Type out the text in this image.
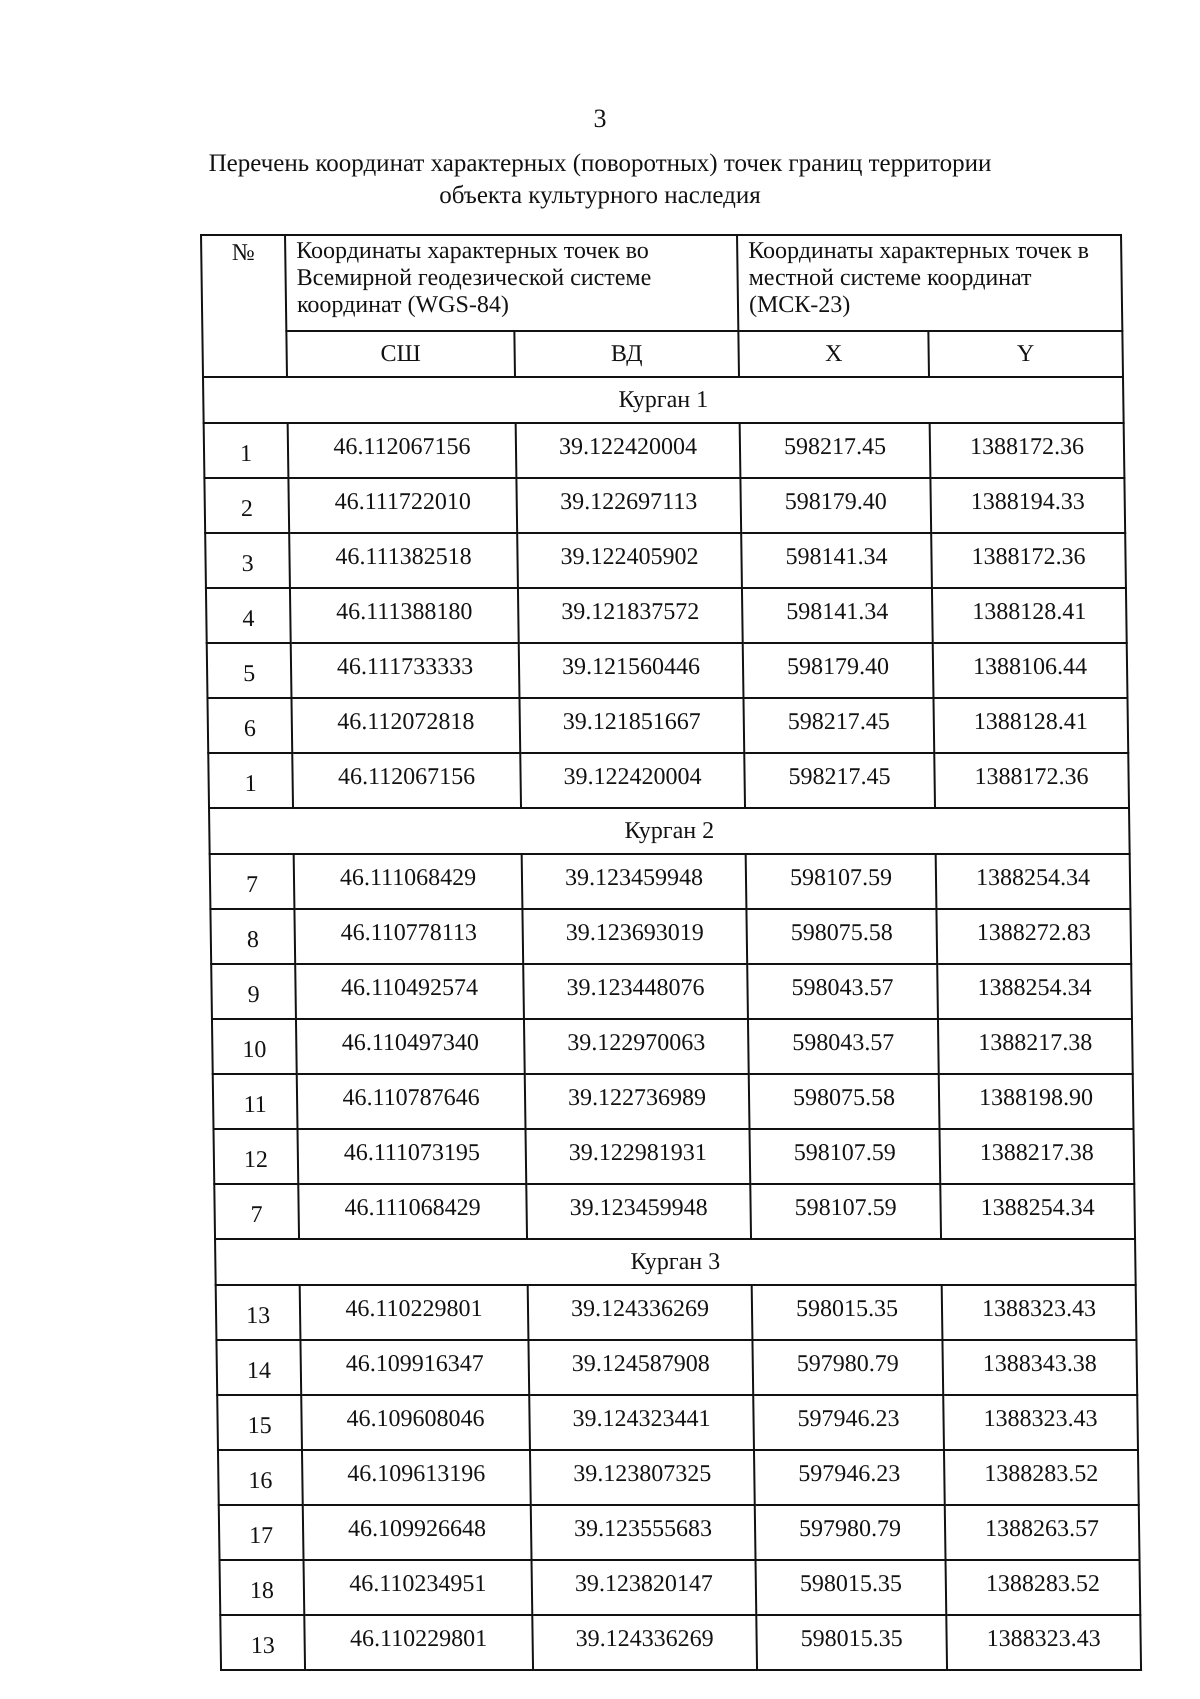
3
Перечень координат характерных (поворотных) точек границ территории
объекта культурного наследия
№	Координаты характерных точек во Всемирной геодезической системе координат (WGS-84)		Координаты характерных точек в местной системе координат (МСК-23)	
	СШ	ВД	X	Y
Курган 1				
1	46.112067156	39.122420004	598217.45	1388172.36
2	46.111722010	39.122697113	598179.40	1388194.33
3	46.111382518	39.122405902	598141.34	1388172.36
4	46.111388180	39.121837572	598141.34	1388128.41
5	46.111733333	39.121560446	598179.40	1388106.44
6	46.112072818	39.121851667	598217.45	1388128.41
1	46.112067156	39.122420004	598217.45	1388172.36
Курган 2				
7	46.111068429	39.123459948	598107.59	1388254.34
8	46.110778113	39.123693019	598075.58	1388272.83
9	46.110492574	39.123448076	598043.57	1388254.34
10	46.110497340	39.122970063	598043.57	1388217.38
11	46.110787646	39.122736989	598075.58	1388198.90
12	46.111073195	39.122981931	598107.59	1388217.38
7	46.111068429	39.123459948	598107.59	1388254.34
Курган 3				
13	46.110229801	39.124336269	598015.35	1388323.43
14	46.109916347	39.124587908	597980.79	1388343.38
15	46.109608046	39.124323441	597946.23	1388323.43
16	46.109613196	39.123807325	597946.23	1388283.52
17	46.109926648	39.123555683	597980.79	1388263.57
18	46.110234951	39.123820147	598015.35	1388283.52
13	46.110229801	39.124336269	598015.35	1388323.43
